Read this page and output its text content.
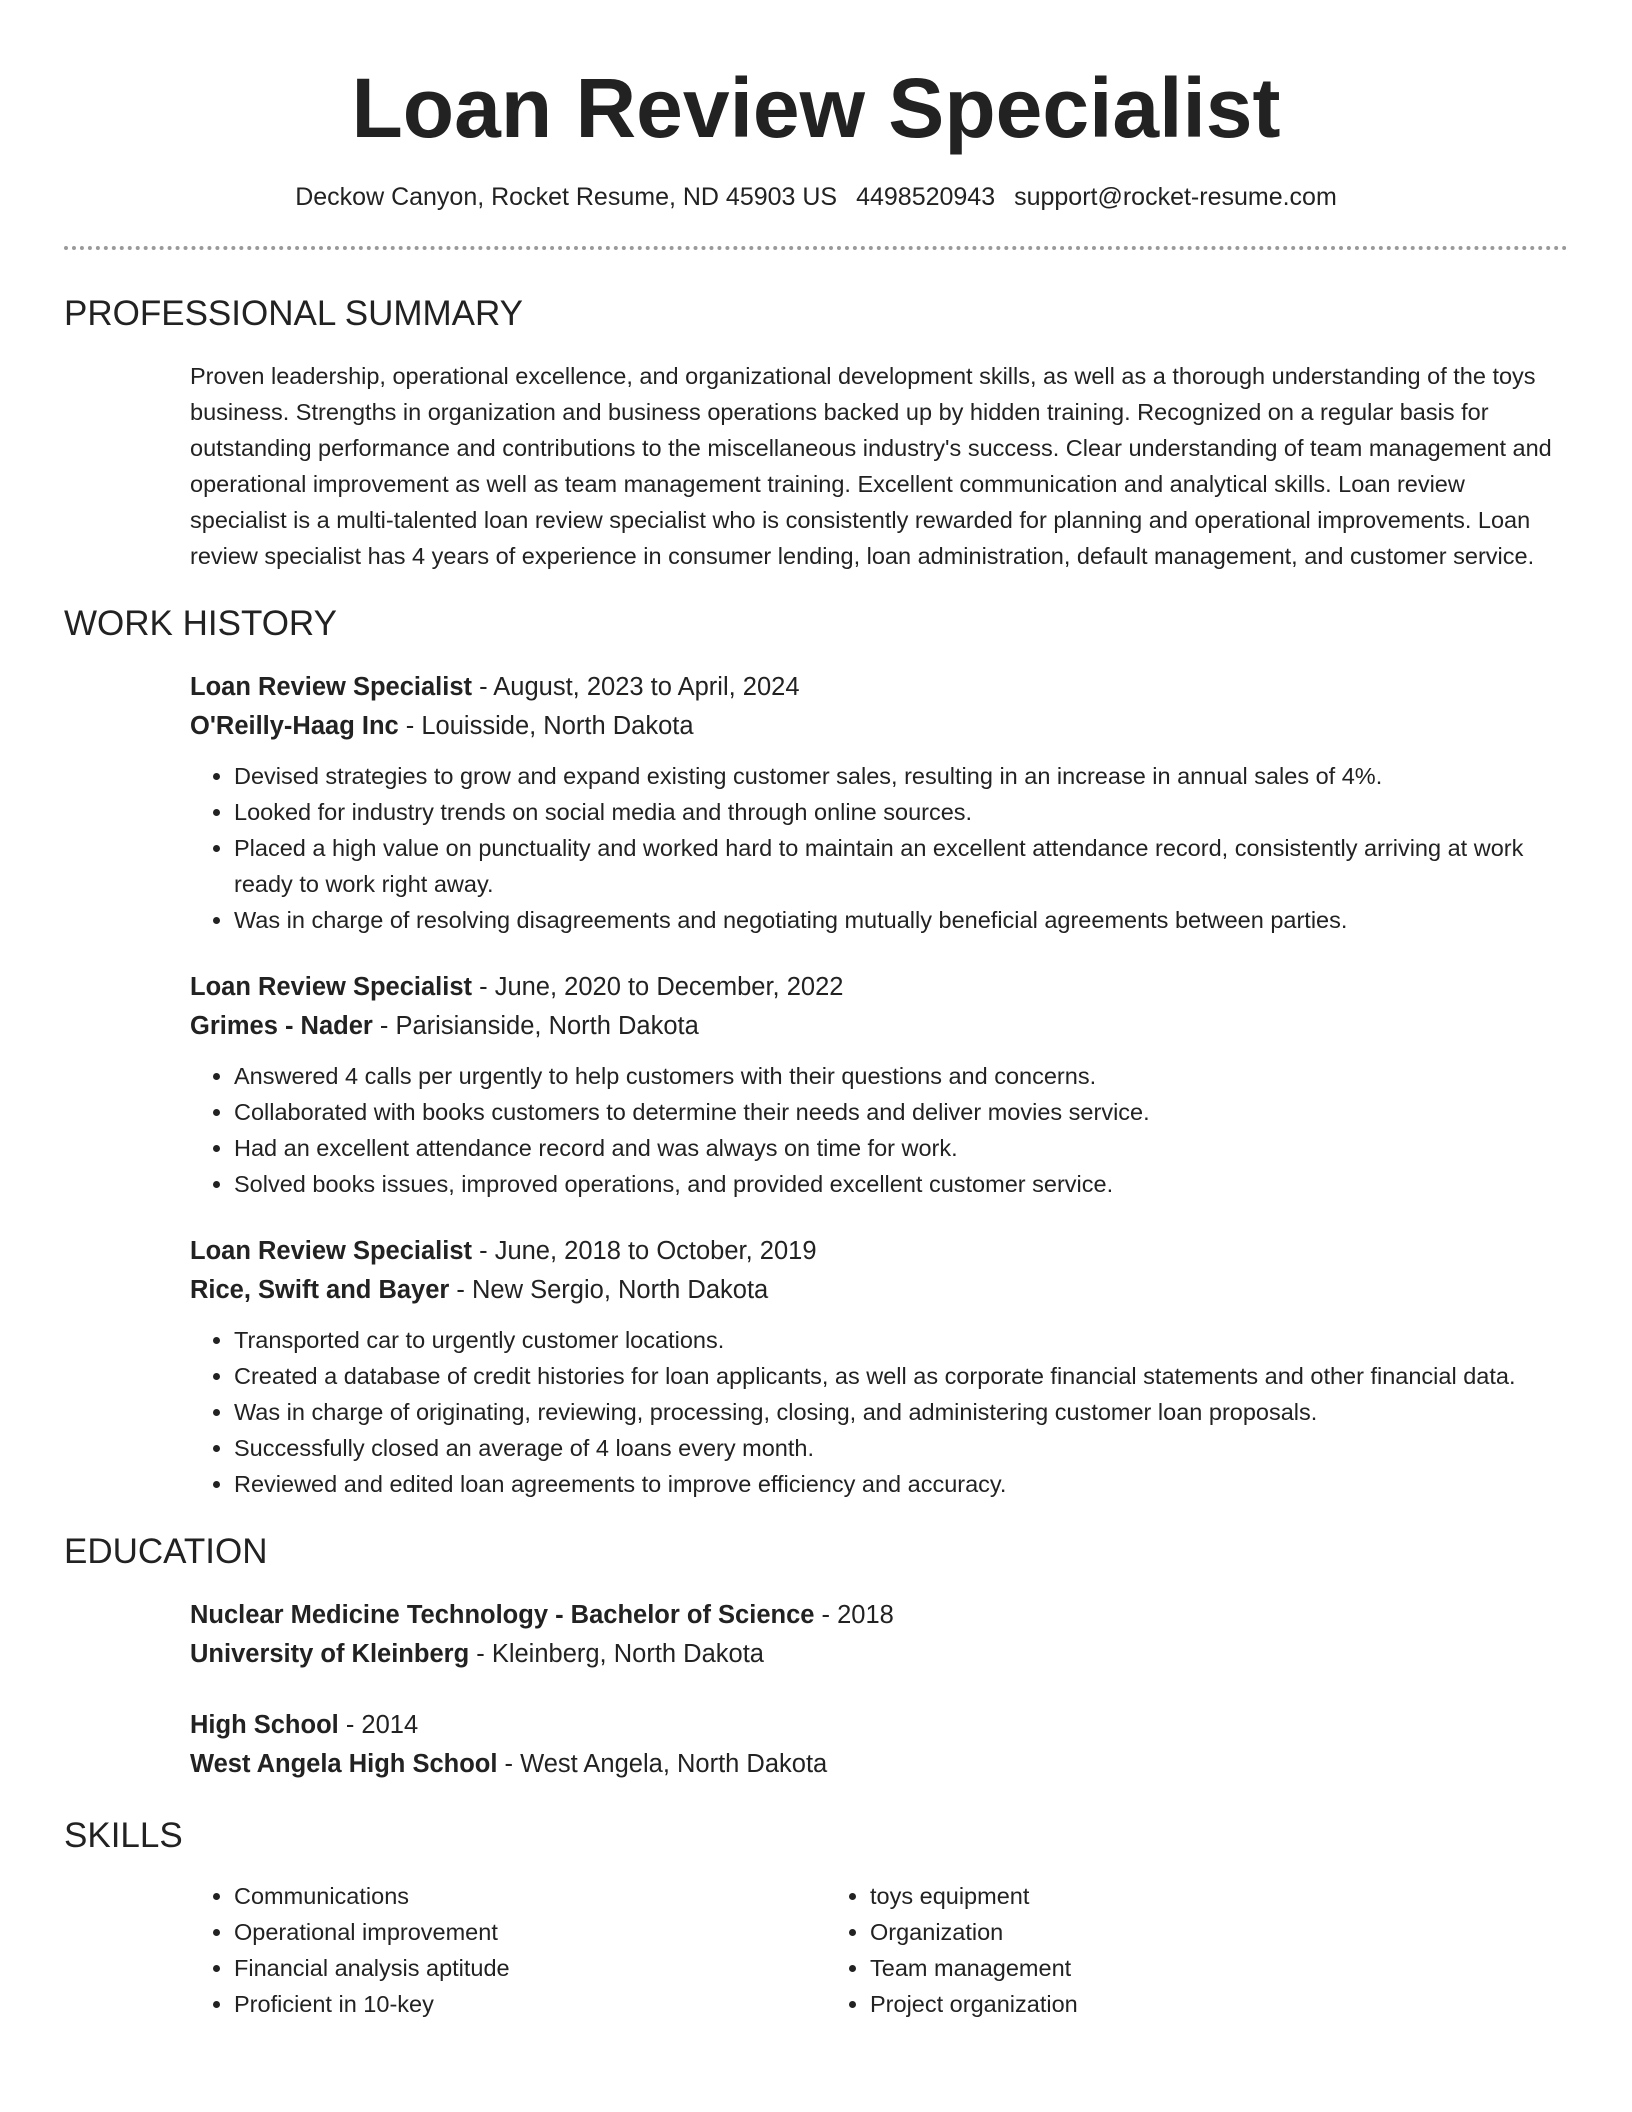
Loan Review Specialist
Deckow Canyon, Rocket Resume, ND 45903 US 4498520943 support@rocket-resume.com
PROFESSIONAL SUMMARY

Proven leadership, operational excellence, and organizational development skills, as well as a thorough understanding of the toys business. Strengths in organization and business operations backed up by hidden training. Recognized on a regular basis for outstanding performance and contributions to the miscellaneous industry's success. Clear understanding of team management and operational improvement as well as team management training. Excellent communication and analytical skills. Loan review specialist is a multi-talented loan review specialist who is consistently rewarded for planning and operational improvements. Loan review specialist has 4 years of experience in consumer lending, loan administration, default management, and customer service.

WORK HISTORY
Loan Review Specialist - August, 2023 to April, 2024
O'Reilly-Haag Inc - Louisside, North Dakota
• Devised strategies to grow and expand existing customer sales, resulting in an increase in annual sales of 4%.
• Looked for industry trends on social media and through online sources.
• Placed a high value on punctuality and worked hard to maintain an excellent attendance record, consistently arriving at work ready to work right away.
• Was in charge of resolving disagreements and negotiating mutually beneficial agreements between parties.
Loan Review Specialist - June, 2020 to December, 2022
Grimes - Nader - Parisianside, North Dakota
• Answered 4 calls per urgently to help customers with their questions and concerns.
• Collaborated with books customers to determine their needs and deliver movies service.
• Had an excellent attendance record and was always on time for work.
• Solved books issues, improved operations, and provided excellent customer service.
Loan Review Specialist - June, 2018 to October, 2019
Rice, Swift and Bayer - New Sergio, North Dakota
• Transported car to urgently customer locations.
• Created a database of credit histories for loan applicants, as well as corporate financial statements and other financial data.
• Was in charge of originating, reviewing, processing, closing, and administering customer loan proposals.
• Successfully closed an average of 4 loans every month.
• Reviewed and edited loan agreements to improve efficiency and accuracy.
EDUCATION
Nuclear Medicine Technology - Bachelor of Science - 2018
University of Kleinberg - Kleinberg, North Dakota
High School - 2014
West Angela High School - West Angela, North Dakota
SKILLS
• Communications
• Operational improvement
• Financial analysis aptitude
• Proficient in 10-key
• toys equipment
• Organization
• Team management
• Project organization
